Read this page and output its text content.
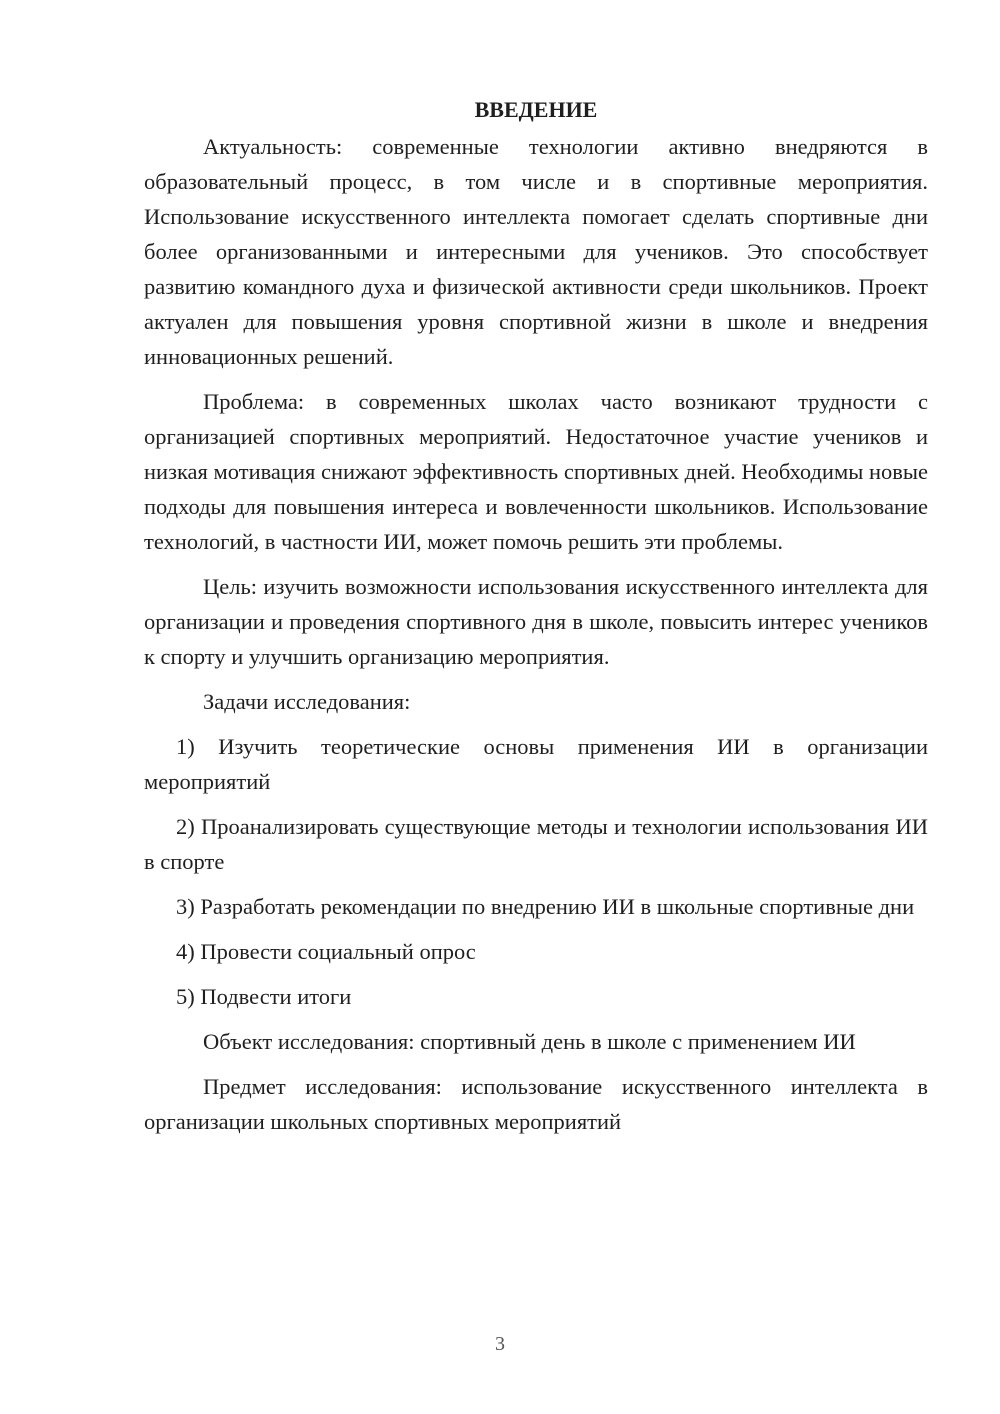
ВВЕДЕНИЕ

Актуальность: современные технологии активно внедряются в образовательный процесс, в том числе и в спортивные мероприятия. Использование искусственного интеллекта помогает сделать спортивные дни более организованными и интересными для учеников. Это способствует развитию командного духа и физической активности среди школьников. Проект актуален для повышения уровня спортивной жизни в школе и внедрения инновационных решений.

Проблема: в современных школах часто возникают трудности с организацией спортивных мероприятий. Недостаточное участие учеников и низкая мотивация снижают эффективность спортивных дней. Необходимы новые подходы для повышения интереса и вовлеченности школьников. Использование технологий, в частности ИИ, может помочь решить эти проблемы.

Цель: изучить возможности использования искусственного интеллекта для организации и проведения спортивного дня в школе, повысить интерес учеников к спорту и улучшить организацию мероприятия.

Задачи исследования:

1) Изучить теоретические основы применения ИИ в организации мероприятий

2) Проанализировать существующие методы и технологии использования ИИ в спорте

3) Разработать рекомендации по внедрению ИИ в школьные спортивные дни

4) Провести социальный опрос

5) Подвести итоги

Объект исследования: спортивный день в школе с применением ИИ

Предмет исследования: использование искусственного интеллекта в организации школьных спортивных мероприятий

3
